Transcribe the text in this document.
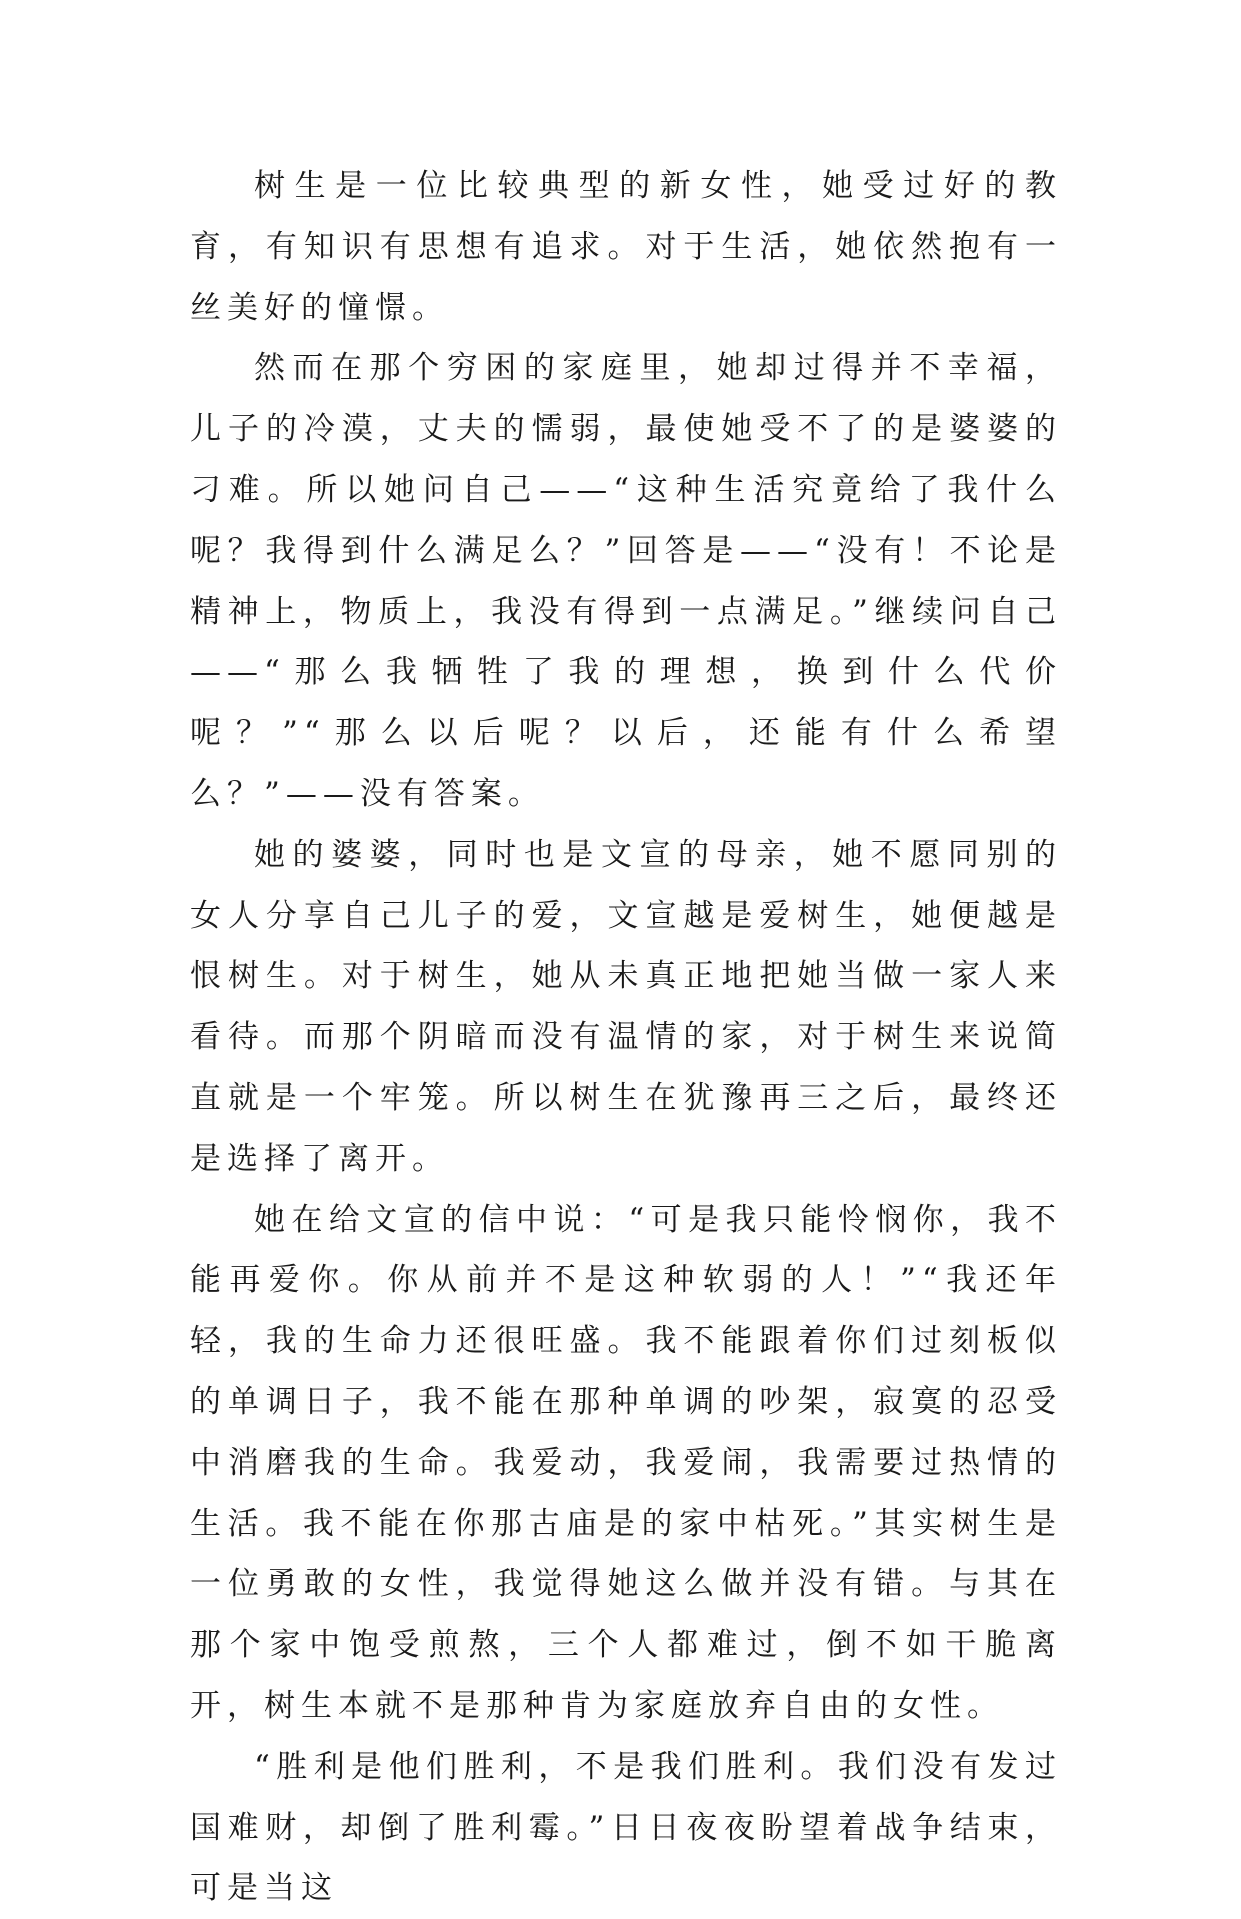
树生是一位比较典型的新女性，她受过好的教育，有知识有思想有追求。对于生活，她依然抱有一丝美好的憧憬。

然而在那个穷困的家庭里，她却过得并不幸福，儿子的冷漠，丈夫的懦弱，最使她受不了的是婆婆的刁难。所以她问自己——“这种生活究竟给了我什么呢？我得到什么满足么？”回答是——“没有！不论是精神上，物质上，我没有得到一点满足。”继续问自己——“那么我牺牲了我的理想，换到什么代价呢？”“那么以后呢？以后，还能有什么希望么？”——没有答案。

她的婆婆，同时也是文宣的母亲，她不愿同别的女人分享自己儿子的爱，文宣越是爱树生，她便越是恨树生。对于树生，她从未真正地把她当做一家人来看待。而那个阴暗而没有温情的家，对于树生来说简直就是一个牢笼。所以树生在犹豫再三之后，最终还是选择了离开。

她在给文宣的信中说：“可是我只能怜悯你，我不能再爱你。你从前并不是这种软弱的人！”“我还年轻，我的生命力还很旺盛。我不能跟着你们过刻板似的单调日子，我不能在那种单调的吵架，寂寞的忍受中消磨我的生命。我爱动，我爱闹，我需要过热情的生活。我不能在你那古庙是的家中枯死。”其实树生是一位勇敢的女性，我觉得她这么做并没有错。与其在那个家中饱受煎熬，三个人都难过，倒不如干脆离开，树生本就不是那种肯为家庭放弃自由的女性。

“胜利是他们胜利，不是我们胜利。我们没有发过国难财，却倒了胜利霉。”日日夜夜盼望着战争结束，可是当这
